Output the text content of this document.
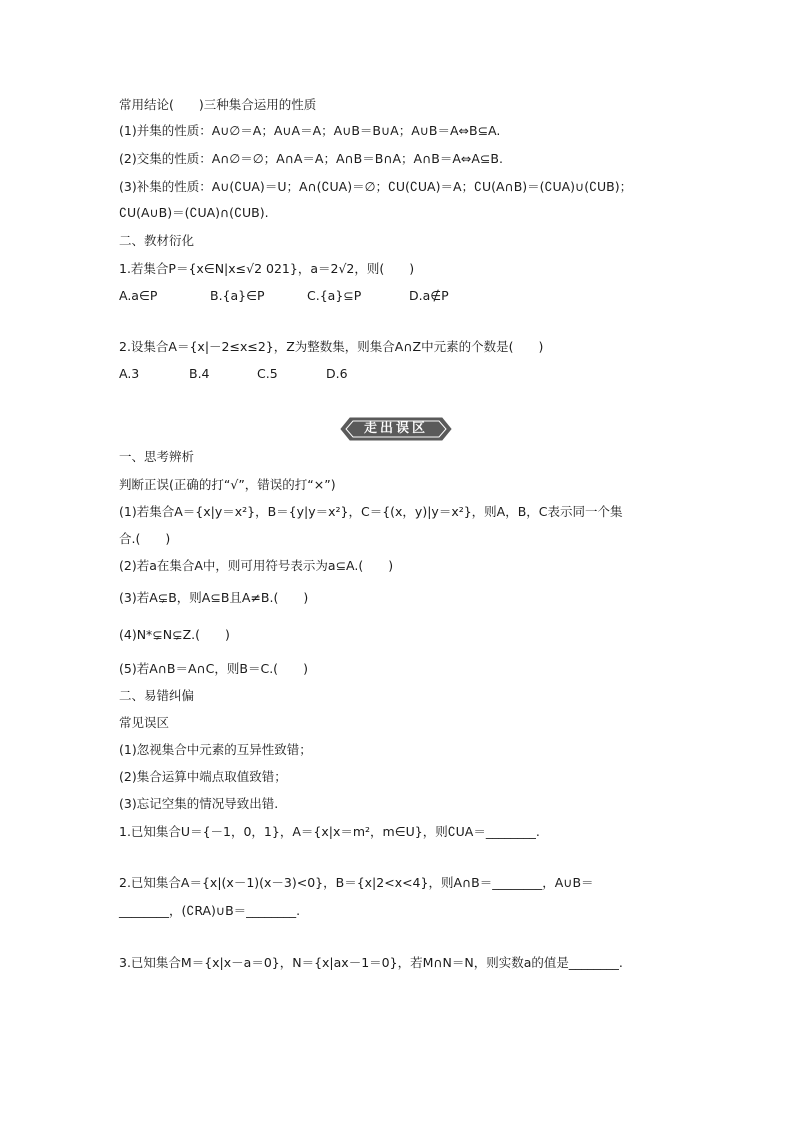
常用结论(　　)三种集合运用的性质
(1)并集的性质：A∪∅＝A；A∪A＝A；A∪B＝B∪A；A∪B＝A⇔B⊆A.
(2)交集的性质：A∩∅＝∅；A∩A＝A；A∩B＝B∩A；A∩B＝A⇔A⊆B.
(3)补集的性质：A∪(∁UA)＝U；A∩(∁UA)＝∅；∁U(∁UA)＝A；∁U(A∩B)＝(∁UA)∪(∁UB)；
∁U(A∪B)＝(∁UA)∩(∁UB).
二、教材衍化
1.若集合P＝{x∈N|x≤√2 021}，a＝2√2，则(　　)
A.a∈P	B.{a}∈P	C.{a}⊆P	D.a∉P
2.设集合A＝{x|－2≤x≤2}，Z为整数集，则集合A∩Z中元素的个数是(　　)
A.3	B.4	C.5	D.6
走出误区
一、思考辨析
判断正误(正确的打“√”，错误的打“×”)
(1)若集合A＝{x|y＝x²}，B＝{y|y＝x²}，C＝{(x，y)|y＝x²}，则A，B，C表示同一个集
合.(　　)
(2)若a在集合A中，则可用符号表示为a⊆A.(　　)
(3)若A⊊B，则A⊆B且A≠B.(　　)
(4)N*⊊N⊊Z.(　　)
(5)若A∩B＝A∩C，则B＝C.(　　)
二、易错纠偏
常见误区
(1)忽视集合中元素的互异性致错；
(2)集合运算中端点取值致错；
(3)忘记空集的情况导致出错.
1.已知集合U＝{－1，0，1}，A＝{x|x＝m²，m∈U}，则∁UA＝________.
2.已知集合A＝{x|(x－1)(x－3)<0}，B＝{x|2<x<4}，则A∩B＝________，A∪B＝
________，(∁RA)∪B＝________.
3.已知集合M＝{x|x－a＝0}，N＝{x|ax－1＝0}，若M∩N＝N，则实数a的值是________.
